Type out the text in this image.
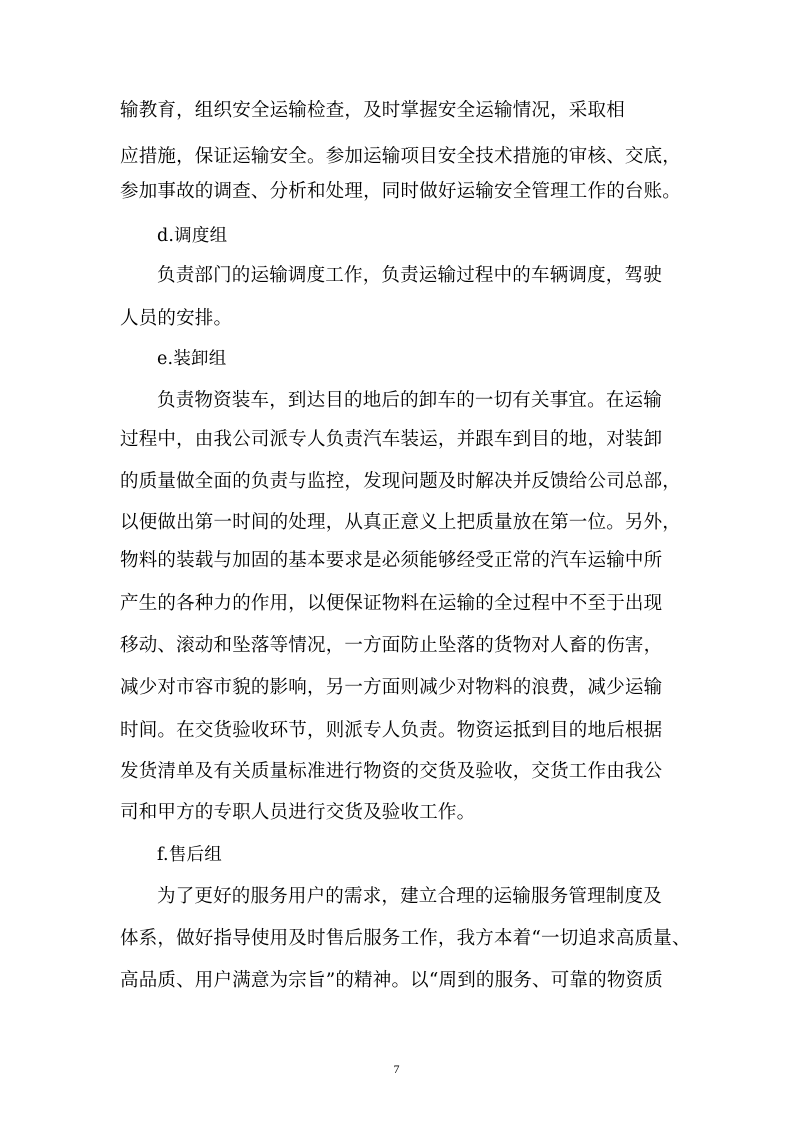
输教育，组织安全运输检查，及时掌握安全运输情况，采取相
应措施，保证运输安全。参加运输项目安全技术措施的审核、交底，
参加事故的调查、分析和处理，同时做好运输安全管理工作的台账。
d.调度组
负责部门的运输调度工作，负责运输过程中的车辆调度，驾驶
人员的安排。
e.装卸组
负责物资装车，到达目的地后的卸车的一切有关事宜。在运输
过程中，由我公司派专人负责汽车装运，并跟车到目的地，对装卸
的质量做全面的负责与监控，发现问题及时解决并反馈给公司总部，
以便做出第一时间的处理，从真正意义上把质量放在第一位。另外，
物料的装载与加固的基本要求是必须能够经受正常的汽车运输中所
产生的各种力的作用，以便保证物料在运输的全过程中不至于出现
移动、滚动和坠落等情况，一方面防止坠落的货物对人畜的伤害，
减少对市容市貌的影响，另一方面则减少对物料的浪费，减少运输
时间。在交货验收环节，则派专人负责。物资运抵到目的地后根据
发货清单及有关质量标准进行物资的交货及验收，交货工作由我公
司和甲方的专职人员进行交货及验收工作。
f.售后组
为了更好的服务用户的需求，建立合理的运输服务管理制度及
体系，做好指导使用及时售后服务工作，我方本着“一切追求高质量、
高品质、用户满意为宗旨”的精神。以“周到的服务、可靠的物资质
7
